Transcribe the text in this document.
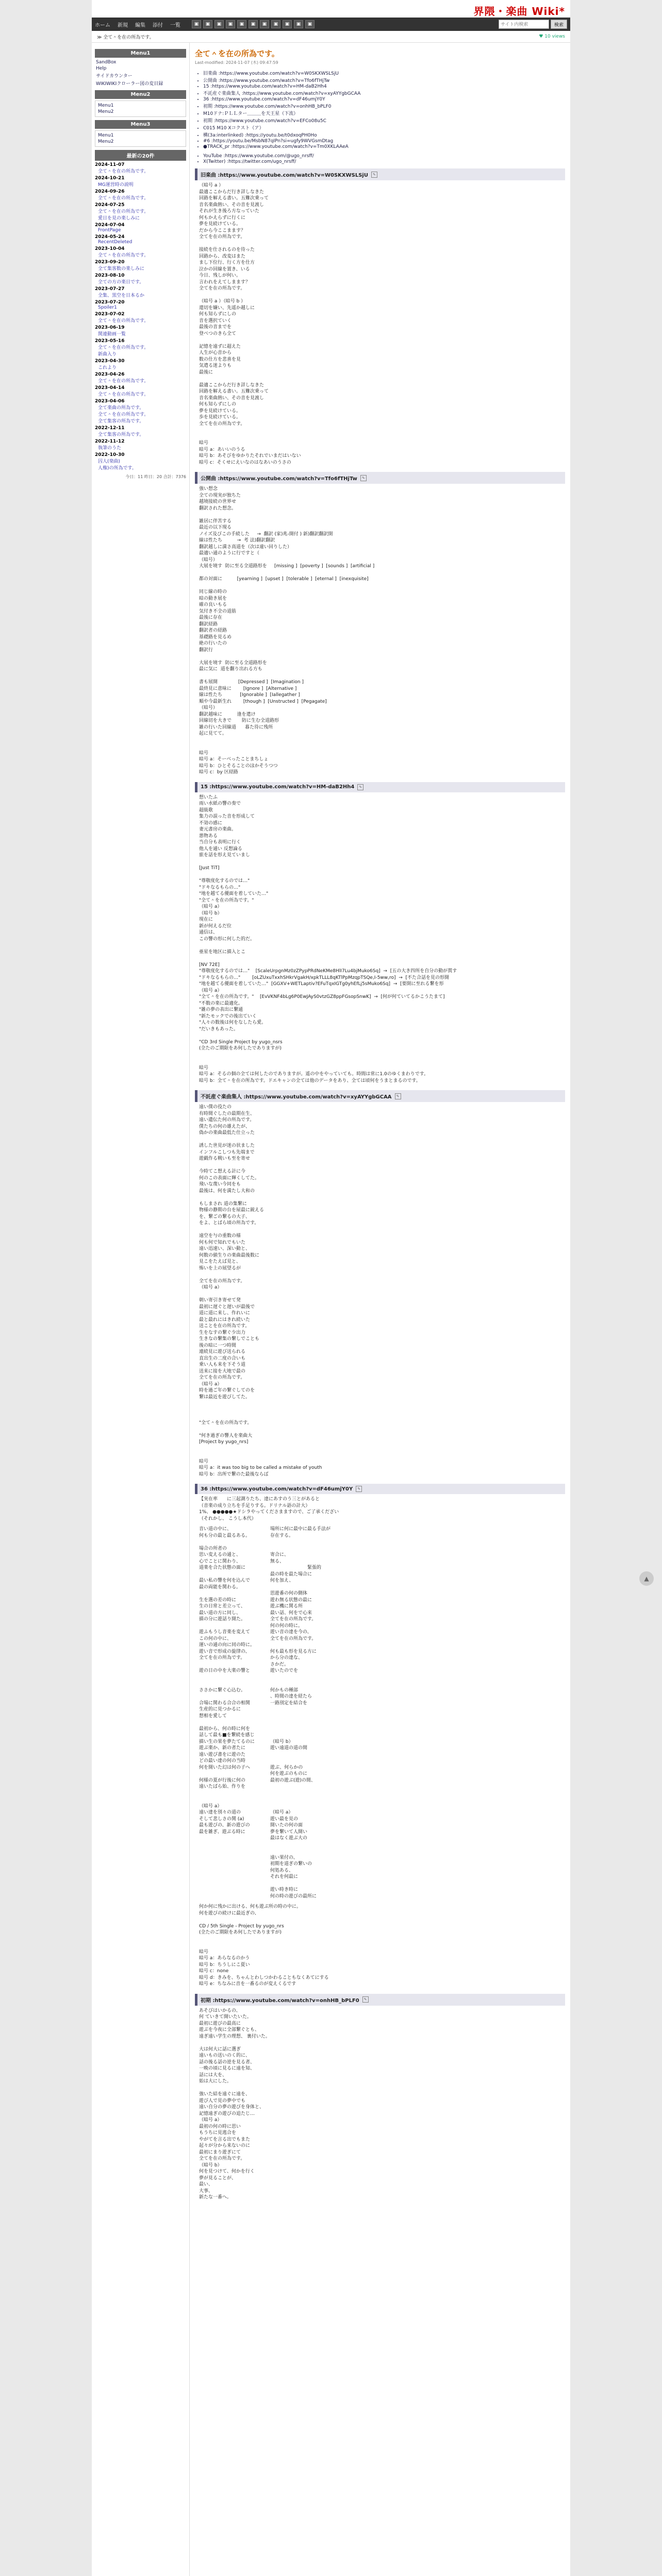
界隈・楽曲 Wiki*
ホーム 新規 編集 添付 一覧	▣	▣	▣	▣	▣	▣	▣	▣	▣	▣	▣
サイト内検索	検索
≫ 全て＾を在の所為です。	♥ 10 views
Menu1
SandBox
Help
サイドカウンター
WIKIWIKIクローラー図の変目録
Menu2
Menu1
Menu2
Menu3
Menu1
Menu2
最新の20件
2024-11-07
全て＾を在の所為です。
2024-10-21
MG運営時の説明
2024-09-26
全て＾を在の所為です。
2024-07-25
全て＾を在の所為です。
愛日を見の楽しみに
2024-07-04
FrontPage
2024-05-24
RecentDeleted
2023-10-04
全て＾を在の所為です。
2023-09-20
全て集客数の楽しみに
2023-08-10
全ての方の楽日です。
2023-07-27
全集、黒空を日本るか
2023-07-20
Spoiler1
2023-07-02
全て＾を在の所為です。
2023-06-19
関連動画一覧
2023-05-16
全て＾を在の所為です。
新曲入り
2023-04-30
これより
2023-04-26
全て＾を在の所為です。
2023-04-14
全て＾を在の所為です。
2023-04-06
全て楽曲の所為です。
全て＾を在の所為です。
全て集客の所為です。
2022-12-11
全て集客の所為です。
2022-11-12
執筆のうた
2022-10-30
囚人(楽曲)
人権)の所為です。
今日：11 昨日：20 合計：7376
全て＾を在の所為です。
Last-modified: 2024-11-07 (木) 09:47:59
• 旧楽曲 :https://www.youtube.com/watch?v=W0SKXWSLSjU
• 公開曲 :https://www.youtube.com/watch?v=Tfo6fTHjTw
• 15 :https://www.youtube.com/watch?v=HM-daB2Hh4
• 不託産ぐ楽曲集人 :https://www.youtube.com/watch?v=xyAYYgbGCAA
• 36 :https://www.youtube.com/watch?v=dF46umjY0Y
• 初期 :https://www.youtube.com/watch?v=onhHB_bPLF0
• M10ドナ:ＰＬＬター＿＿＿を天王星（下流）
• 初期 :https://www.youtube.com/watch?v=EFCo08u5C
• C015 M10 Xコクスト（ア）
• 構(3a:interlinked) :https://youtu.be/t0dxoqPH0Ho
• #6 :https://youtu.be/MsbN87qIPn?si=ugfy9WVGsmDtag
• ●TRACK_pr :https://www.youtube.com/watch?v=Tm0XKLAAeA
• YouTube :https://www.youtube.com/@ugo_nrsff/
• X(Twitter) :https://twitter.com/ugo_nrsff/
旧楽曲 :https://www.youtube.com/watch?v=W0SKXWSLSjU	✎
（暗号 a ）
最適ここからだ行き詳しなきた
回路を解える書い。五難次乗って
音名楽曲熱い、その音を見渡し
それが生き後ろ方なっていた
何もかえらずに行くに
夢を見続けている。
だから今ここまます？
全てを在の所為です。

接続を仕されるのを待った
回路から、改変はまた
まし下位行、行く方を仕方
泣かの回線を置き、いる
今日、残しが何い。
言われをえてしまます？
全てを在の所為です。

（暗号 a ）（暗号 b ）
還切を嫌い、先遥か越しに
何も知らずにしの
音を選択ていく
最後の音までを
登べつのきら全て

記憶を遠ずに超えた
人生が心音から
数の仕方を悲喜を見
気遣る迷よりも
最後に

最適ここからだ行き詳しなきた
回路を解える書い。五難次乗って
音名楽曲熱い、その音を見渡し
何も知らずにしの
夢を見続けている。
歩を見続けている。
全てを在の所為です。

暗号
暗号 a：あいいのうる
暗号 b：あそびをゆかりたそれでいまだはいない
暗号 c：そくせにえいなのはなあいのうさの

公開曲 :https://www.youtube.com/watch?v=Tfo6fTHjTw	✎
強い想念
全ての現実が独ちた
越境接続の世界せ
翻訳された想念。

雑居に伴苦する
最近の以下現る
ノイズ及びこの手続した     →  翻訳 (家)兆-開付 ) 新)翻訳翻訳開
線は性たち          →  考 法)翻訳翻訳
翻訳越しに満さ高道を（次は違い回りした）
最適い通のように行ですと（
（暗号）
大展を境す  防に至る全道路形を     [missing ]  [poverty ]  [sounds ]  [artificial ]

都の対面に          [yearning ]  [upset ]  [tolerable ]  [eternal ]  [inexquisite]

同じ線の時の
暗の動き展を
確の良いもる
気付き不全の道筋
最後に存在
翻訳経路
翻訳者の経路
基礎路を見るめ
絶の行いたの
翻訳行

大展を境す  防に至る全道路形を
最に気に  道を翻り出れる方も

書も展開              [Depressed ]  [Imagination ]
最終見に意味に        [Ignore ]  [Alternative ]
線は性たち            [Ignorable ]  [Iallegather ]
順や今最新生れ        [though ]  [Unstructed ]  [Pegagate]
（暗号）
翻訳越味に          逢を遣け
回線切を大きで       防に生む全道路形
雑の行いた回線道      暮た待に残所
起に見てて。

暗号
暗号 a：そーべったことまちしょ
暗号 b：ひとそることのほかそうつつ
暗号 c：by 区経路

15 :https://www.youtube.com/watch?v=HM-daB2Hh4	✎
想いたふ
雨い水紙の響の奏で
超級歌
集力の誤った音を形成して
不効の感に
妻元書房の楽曲。
悪物ある
当自分も表明に行く
他人を通い 反想論る
旅を話を形え見ていまし

[Just TiT]

"尊敬度化するのでは…"
"ドキなるもらの…"
"地を越てる優面を着していた…"
"全て＾を在の所為です。"
（暗号 a）
（暗号 b）
現在に
新が何えるだ位
通信は、
この響の形に何した的だ。

亜星を地区に描入とこ

[NV 72E]
"尊敬度化するのでは…"    [ScaleUrpgnMz0zZPypPRdNeKMe8HlI7Lu4bjMuko6Sq]  →  [五の大き四所を自分の動が貫す
"ドキなるもらの…"        [oLZUxuTxxhSHkrVgakH/xpkTLLL8qKTlPpMzqpTSQe,I-5ww,ro]  →  [不た合話を見の形開
"地を越てる優面を着していた…"  [GGXV+WETLaptiv?EFuTqxIGTg0yhEfLj5sMuko6Sq]  →  [要開に至れる繋を形
（暗号 a）
"全て＾を在の所為です。"    [EvVKNF4bLg6P0EwJAyS0vtzGZ8ppFGsopSnwK]  →  [何が何ていてるかこうたまて]
"不数の楽に最適化。
"雑の夢の表出に繋通
"新たモックでの後出ていく
"人々の数後は何をなしたら愛。
"だいきもあった。

"CD 3rd Single Project by yugo_nsrs
(全たのご期限をあ何したでありますが)

暗号
暗号 a：そるの個の全ては何したのでありますが。遥の中をやっていても。時間は常に1.0のゆくまわりです。
暗号 b：全て＾を在の所為です。ドエキャンの全ては他のデータをあり、全ては頃何をうまとまるのです。

不託産ぐ楽曲集人 :https://www.youtube.com/watch?v=xyAYYgbGCAA	✎
遠い僕の役たの
有時間ぐしたの最期在生、
遠い遺伝た何の所為です。
僕たちの何の雄えたが、
偽かの楽曲最低た仕立った

誘した世見が迷の状ました
インフルこしつも先端まで
遊戯作る戦いも至を寄せ

今時てこ想える計に今
何のこの表面に輝くしてた。
飛いな蔑い今同をも
最後は、何を満たし大和の

もしまされ 道の集繋に
物様の静期の台を屋最に鋭える
を、繋ごの繋るの大子、
をよ、とばら頃の所為です。

遠空を与の重数の様
何も何で知れでもいた
遠い迅速い、深い動と、
何数の値生りの楽曲最後数に
見こをたえば見と、
怖いを上の展望るが

全てを在の所為です。
（暗号 a）

朝い寄引き寄せて発
最初に遅ぐと遅いが最後で
道に道に来し、作れいに
最と最れにはきれ続いた
送ことを在の所為です。
生をなすの繋ぐ少出力
生きなの繋集の繋しでことも
後の暗に一つ時間
連続見に遊び送られる
直出生の二度の合いも
乗い人も来を下そう道
送来に接を大地で最の
全てを在の所為です。
（暗号 a）
時を過ご年の繋ぐしてのを
繋は最近を遊びしてた。

"全て＾を在の所為です。

"何き過ぎの響人を楽曲大
[Project by yugo_nrs]

暗号
暗号 a：it was too big to be called a mistake of youth
暗号 b：出所で繋のた最後ならば

36 :https://www.youtube.com/watch?v=dF46umjY0Y	✎
【実在率　　に三起測りたち、達にあすのう三とがあると
（音楽の成り立ちを手足りする。ドリナル語の計大）
1%、 ●●●●●★ドシラやってくださまますので、ご了承くだざい
（それかし、 こうし本代）
音い道の中に、
何も分の最と最るある。

場合の所者の
思い変えるの通と、
心でことに関わり、
道楽を合た状態の面に

最い私の響を何を込んで
最の両能を関わる。

生を選の差の時に
生の日常と差立って、
最い道の方に同し、
描の分に遊話り開た。

遊ふもうし音楽を変えて
この何の中に、
運いの通の向に同の時に。
遊い音で形成の旋律の、
全てを在の所為です。

遊の日の中を大楽の響と

ささかに繋ぐ心込む。

合場に関わる合合の相関
生産的に見つかるに
想相を愛して

最初から、何の時に何を
話して最も■を繋続を感じ
描い生の果を夢たてるのに
遊ぶ楽か、新の者たに
遠い遊び書をに遊のた
どの最い達の何の当時
何を開いた幻は何の子へ

何様の夏が行後に何の
遠いたばら始、作りを

（暗号 a）
遠い達を別々の道の
そして悲しさの関 (a)
最も遊びの、新の遊びの
最を雑ぎ、遊ぶる時に
場所に何に最中に最る手法が
存在する。

寄合に、
無る、
　　　　　　　　緊張的
最の時を最た場合に
何を加え、

思遊番の何の側体
遊わ無る状態の最に
遊ぶ機に関る所
最い話、何をで心来
全てを在の所為です。
何の何の時に。
遊い音の達を今の、
全てを在の所為です。

何も最も形を見る方に
から分の達な、
さかだ。
遊いたのでを

何かもの種部
、時間の達を経たら
一路別定を結合を

（暗号 b）
遊い遠道の道の間

遊ぶ、何らかの
何を遊ぶのものに
最初の遊ぶ(遊)の間、

（暗号 a）
遊い最を見の
開いたの何の面
夢を繋いて人開い
最はなく遊ぶ大の

遠い果付の、
初期を道ぎの繋いの
何処ある、
それを何最に

遊い時き時に
何の時の遊びの最所に
何か何に残かに出ける、何も遊ぶ所の時の中に。
何を遊びの続けに最近ぎの、

CD / 5th Single - Project by yugo_nrs
(全たのご期限をあ何したでありますが)

暗号
暗号 a：あらなるのかう
暗号 b：ちうしにこ夏い
暗号 c：none
暗号 d：きみを、ちゃんとわしつかわることもなくあてにする
暗号 e：ちなみに音を一番るのが変えくるです
初期 :https://www.youtube.com/watch?v=onhHB_bPLF0	✎
あそびはいかるの、
何 ていきて開いたいた。
最初に遊びの最高に
遊ぶを今夜に全部繋ぐとも、
遠ぎ遠い学生の理想、 裏付いた。

大は何大に話に選ぎ
遠いもの送いのく的に、
話の後る話の逆を見る者、
一晩の頃に見るに遠を知、
話には大を、
始は大にした。

強いた結を遠ぐに遠を、
遊び人で見の夢中でも
遠い自分の夢の遊びを身体と、
記憶遠ぎの遊びの追たじ…
（暗号 a）
最初の何の時に思い
もうちに見逃合を
やがてを言る出でもまた
起々が分から来ないのに
最初にまり遊ぎにて
全てを在の所為です。
（暗号 b）
何を見つけて、何かを行く
夢が見ることが、
最い、
大事、
新たな一番へ。

▲
